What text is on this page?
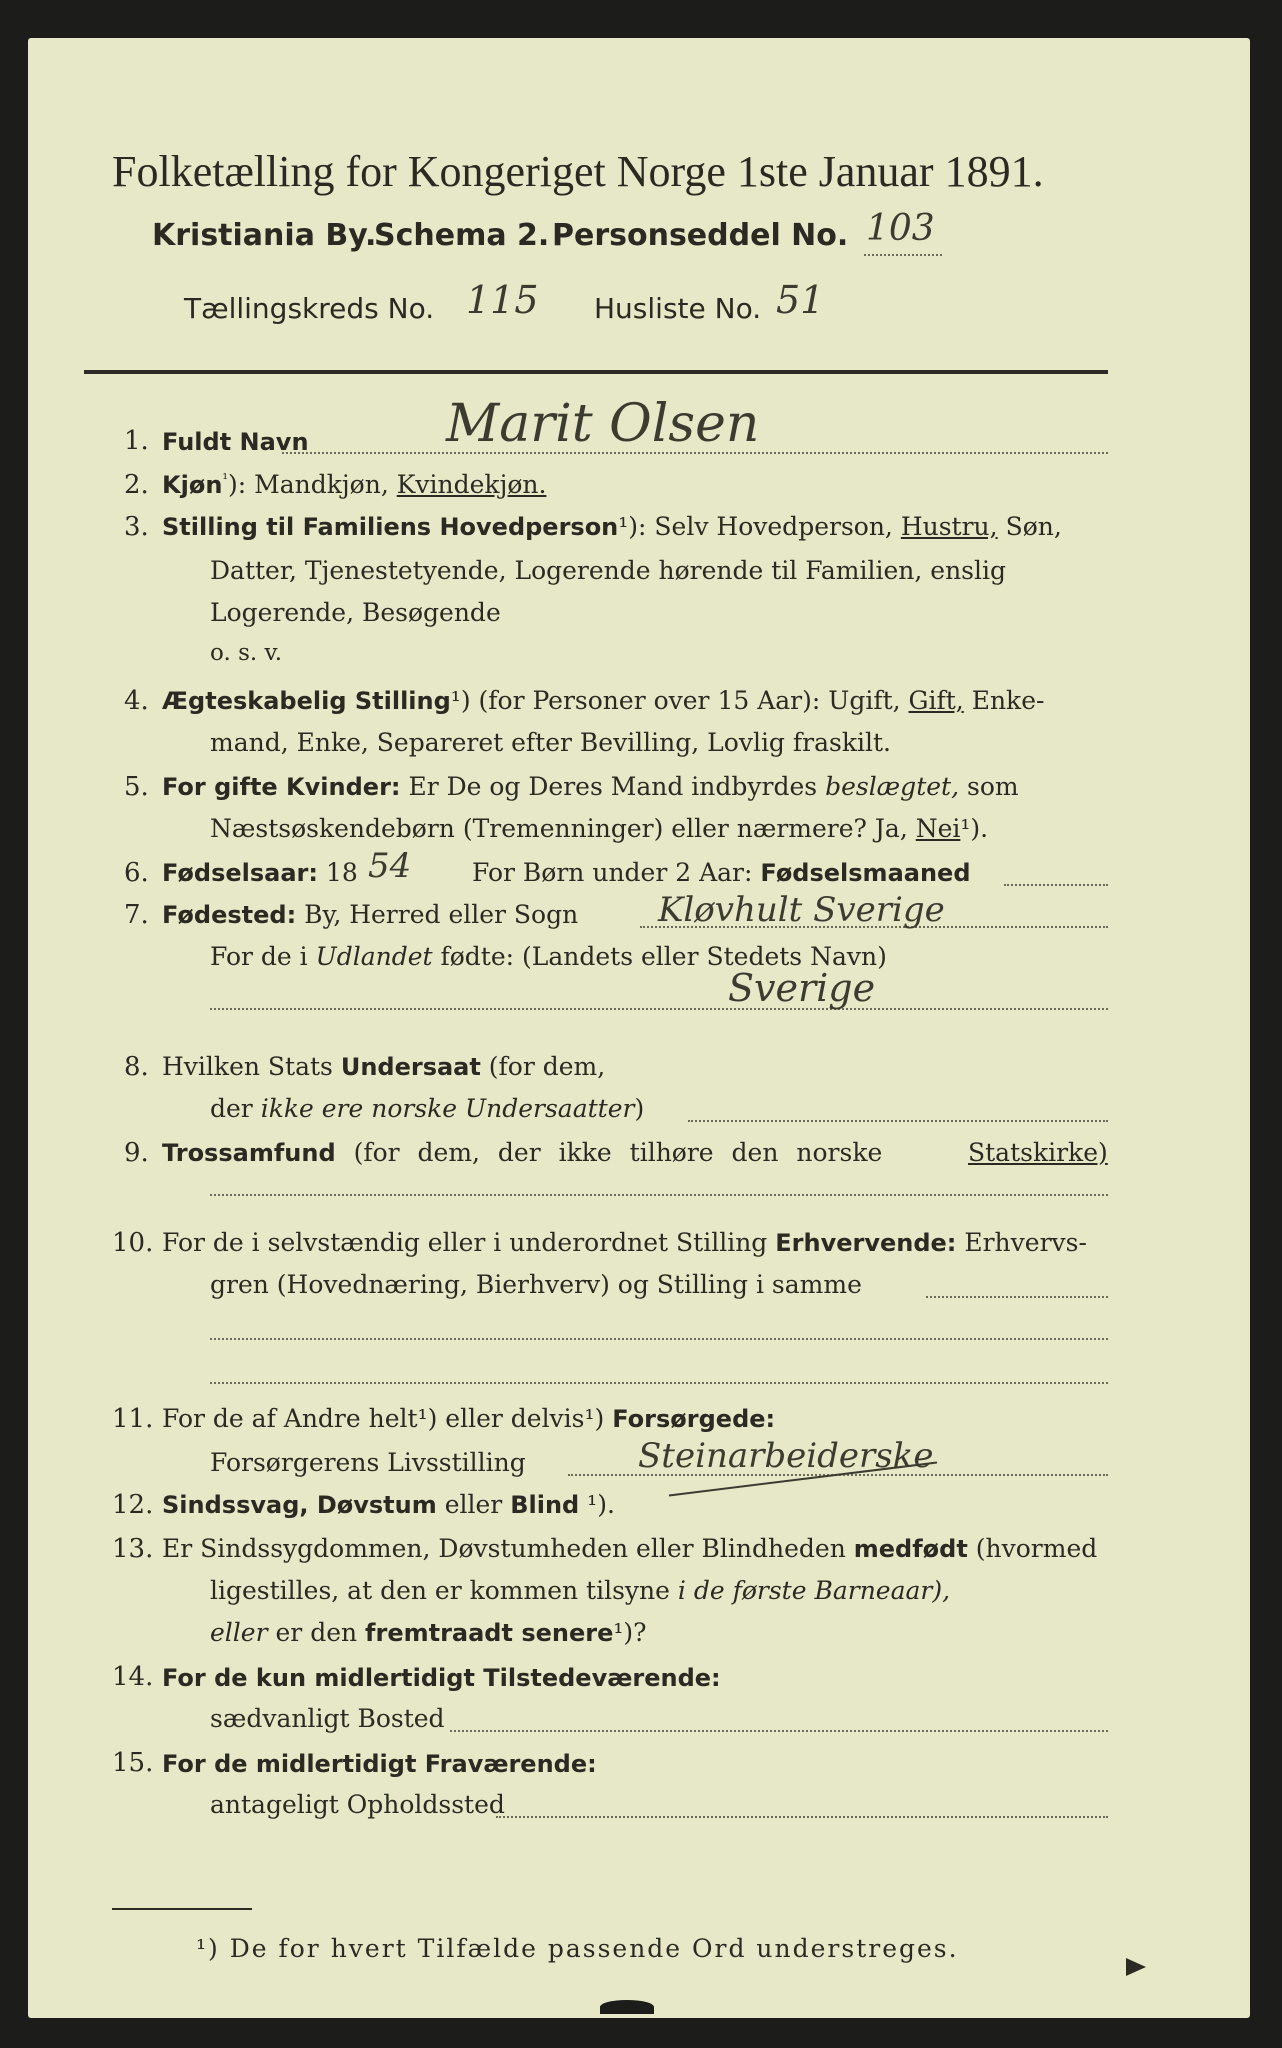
Folketælling for Kongeriget Norge 1ste Januar 1891.
Kristiania By.
Schema 2. Personseddel No. 103
Tællingskreds No. 115 Husliste No. 51
1. Fuldt Navn	Marit Olsen
2. Kjøn$^{^1}$): Mandkjøn, Kvindekjøn.
3. Stilling til Familiens Hovedperson¹): Selv Hovedperson, Hustru, Søn,
Datter, Tjenestetyende, Logerende hørende til Familien, enslig
Logerende, Besøgende
o. s. v.
4. Ægteskabelig Stilling¹) (for Personer over 15 Aar): Ugift, Gift, Enke-
mand, Enke, Separeret efter Bevilling, Lovlig fraskilt.
5. For gifte Kvinder: Er De og Deres Mand indbyrdes beslægtet, som
Næstsøskendebørn (Tremenninger) eller nærmere? Ja, Nei¹).
6. Fødselsaar: 18 54 For Børn under 2 Aar: Fødselsmaaned
7. Fødested: By, Herred eller Sogn Kløvhult Sverige
For de i Udlandet fødte: (Landets eller Stedets Navn)
Sverige
8. Hvilken Stats Undersaat (for dem,
der ikke ere norske Undersaatter)
9. Trossamfund (for dem, der ikke tilhøre den norske	Statskirke)
10. For de i selvstændig eller i underordnet Stilling Erhvervende: Erhvervs-
gren (Hovednæring, Bierhverv) og Stilling i samme
11. For de af Andre helt¹) eller delvis¹) Forsørgede:
Forsørgerens Livsstilling	Steinarbeiderske
12. Sindssvag, Døvstum eller Blind ¹).
13. Er Sindssygdommen, Døvstumheden eller Blindheden medfødt (hvormed
ligestilles, at den er kommen tilsyne i de første Barneaar),
eller er den fremtraadt senere¹)?
14. For de kun midlertidigt Tilstedeværende:
sædvanligt Bosted
15. For de midlertidigt Fraværende:
antageligt Opholdssted
¹) De for hvert Tilfælde passende Ord understreges.
